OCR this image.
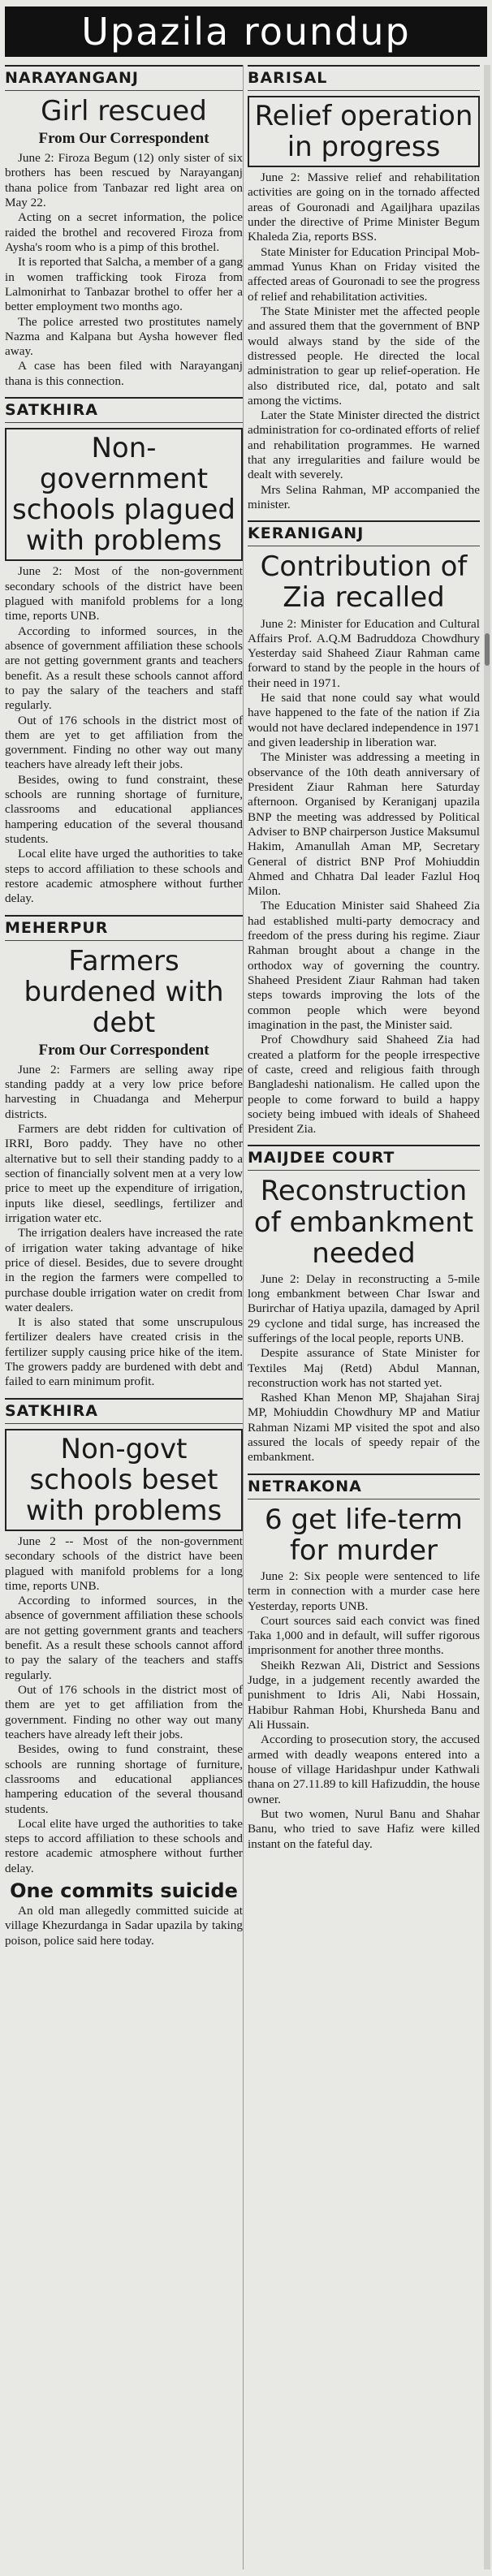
Upazila roundup
NARAYANGANJ
Girl rescued
From Our Correspondent

June 2: Firoza Begum (12) only sister of six brothers has been rescued by Narayanganj thana police from Tanbazar red light area on May 22.

Acting on a secret information, the police raided the brothel and recovered Firoza from Aysha's room who is a pimp of this brothel.

It is reported that Salcha, a member of a gang in women trafficking took Firoza from Lalmonirhat to Tanbazar brothel to offer her a better employment two months ago.

The police arrested two prostitutes namely Nazma and Kalpana but Aysha however fled away.

A case has been filed with Narayanganj thana is this connection.

SATKHIRA
Non-government schools plagued with problems

June 2: Most of the non-government secondary schools of the district have been plagued with manifold problems for a long time, reports UNB.

According to informed sources, in the absence of government affiliation these schools are not getting government grants and teachers benefit. As a result these schools cannot afford to pay the salary of the teachers and staff regularly.

Out of 176 schools in the district most of them are yet to get affiliation from the government. Finding no other way out many teachers have already left their jobs.

Besides, owing to fund constraint, these schools are running shortage of furniture, classrooms and educational appliances hampering education of the several thousand students.

Local elite have urged the authorities to take steps to accord affiliation to these schools and restore academic atmosphere without further delay.

MEHERPUR
Farmers burdened with debt
From Our Correspondent

June 2: Farmers are selling away ripe standing paddy at a very low price before harvesting in Chuadanga and Meherpur districts.

Farmers are debt ridden for cultivation of IRRI, Boro paddy. They have no other alternative but to sell their standing paddy to a section of financially solvent men at a very low price to meet up the expenditure of irrigation, inputs like diesel, seedlings, fertilizer and irrigation water etc.

The irrigation dealers have increased the rate of irrigation water taking advantage of hike price of diesel. Besides, due to severe drought in the region the farmers were compelled to purchase double irrigation water on credit from water dealers.

It is also stated that some unscrupulous fertilizer dealers have created crisis in the fertilizer supply causing price hike of the item. The growers paddy are burdened with debt and failed to earn minimum profit.

SATKHIRA
Non-govt schools beset with problems

June 2 -- Most of the non-government secondary schools of the district have been plagued with manifold problems for a long time, reports UNB.

According to informed sources, in the absence of government affiliation these schools are not getting government grants and teachers benefit. As a result these schools cannot afford to pay the salary of the teachers and staffs regularly.

Out of 176 schools in the district most of them are yet to get affiliation from the government. Finding no other way out many teachers have already left their jobs.

Besides, owing to fund constraint, these schools are running shortage of furniture, classrooms and educational appliances hampering education of the several thousand students.

Local elite have urged the authorities to take steps to accord affiliation to these schools and restore academic atmosphere without further delay.

One commits suicide

An old man allegedly committed suicide at village Khezurdanga in Sadar upazila by taking poison, police said here today.

BARISAL
Relief operation in progress

June 2: Massive relief and rehabilitation activities are going on in the tornado affected areas of Gouronadi and Agailjhara upazilas under the directive of Prime Minister Begum Khaleda Zia, reports BSS.

State Minister for Education Principal Mob-ammad Yunus Khan on Friday visited the affected areas of Gouronadi to see the progress of relief and rehabilitation activities.

The State Minister met the affected people and assured them that the government of BNP would always stand by the side of the distressed people. He directed the local administration to gear up relief-operation. He also distributed rice, dal, potato and salt among the victims.

Later the State Minister directed the district administration for co-ordinated efforts of relief and rehabilitation programmes. He warned that any irregularities and failure would be dealt with severely.

Mrs Selina Rahman, MP accompanied the minister.

KERANIGANJ
Contribution of Zia recalled

June 2: Minister for Education and Cultural Affairs Prof. A.Q.M Badruddoza Chowdhury Yesterday said Shaheed Ziaur Rahman came forward to stand by the people in the hours of their need in 1971.

He said that none could say what would have happened to the fate of the nation if Zia would not have declared independence in 1971 and given leadership in liberation war.

The Minister was addressing a meeting in observance of the 10th death anniversary of President Ziaur Rahman here Saturday afternoon. Organised by Keraniganj upazila BNP the meeting was addressed by Political Adviser to BNP chairperson Justice Maksumul Hakim, Amanullah Aman MP, Secretary General of district BNP Prof Mohiuddin Ahmed and Chhatra Dal leader Fazlul Hoq Milon.

The Education Minister said Shaheed Zia had established multi-party democracy and freedom of the press during his regime. Ziaur Rahman brought about a change in the orthodox way of governing the country. Shaheed President Ziaur Rahman had taken steps towards improving the lots of the common people which were beyond imagination in the past, the Minister said.

Prof Chowdhury said Shaheed Zia had created a platform for the people irrespective of caste, creed and religious faith through Bangladeshi nationalism. He called upon the people to come forward to build a happy society being imbued with ideals of Shaheed President Zia.

MAIJDEE COURT
Reconstruction of embankment needed

June 2: Delay in reconstructing a 5-mile long embankment between Char Iswar and Burirchar of Hatiya upazila, damaged by April 29 cyclone and tidal surge, has increased the sufferings of the local people, reports UNB.

Despite assurance of State Minister for Textiles Maj (Retd) Abdul Mannan, reconstruction work has not started yet.

Rashed Khan Menon MP, Shajahan Siraj MP, Mohiuddin Chowdhury MP and Matiur Rahman Nizami MP visited the spot and also assured the locals of speedy repair of the embankment.

NETRAKONA
6 get life-term for murder

June 2: Six people were sentenced to life term in connection with a murder case here Yesterday, reports UNB.

Court sources said each convict was fined Taka 1,000 and in default, will suffer rigorous imprisonment for another three months.

Sheikh Rezwan Ali, District and Sessions Judge, in a judgement recently awarded the punishment to Idris Ali, Nabi Hossain, Habibur Rahman Hobi, Khursheda Banu and Ali Hussain.

According to prosecution story, the accused armed with deadly weapons entered into a house of village Haridashpur under Kathwali thana on 27.11.89 to kill Hafizuddin, the house owner.

But two women, Nurul Banu and Shahar Banu, who tried to save Hafiz were killed instant on the fateful day.
